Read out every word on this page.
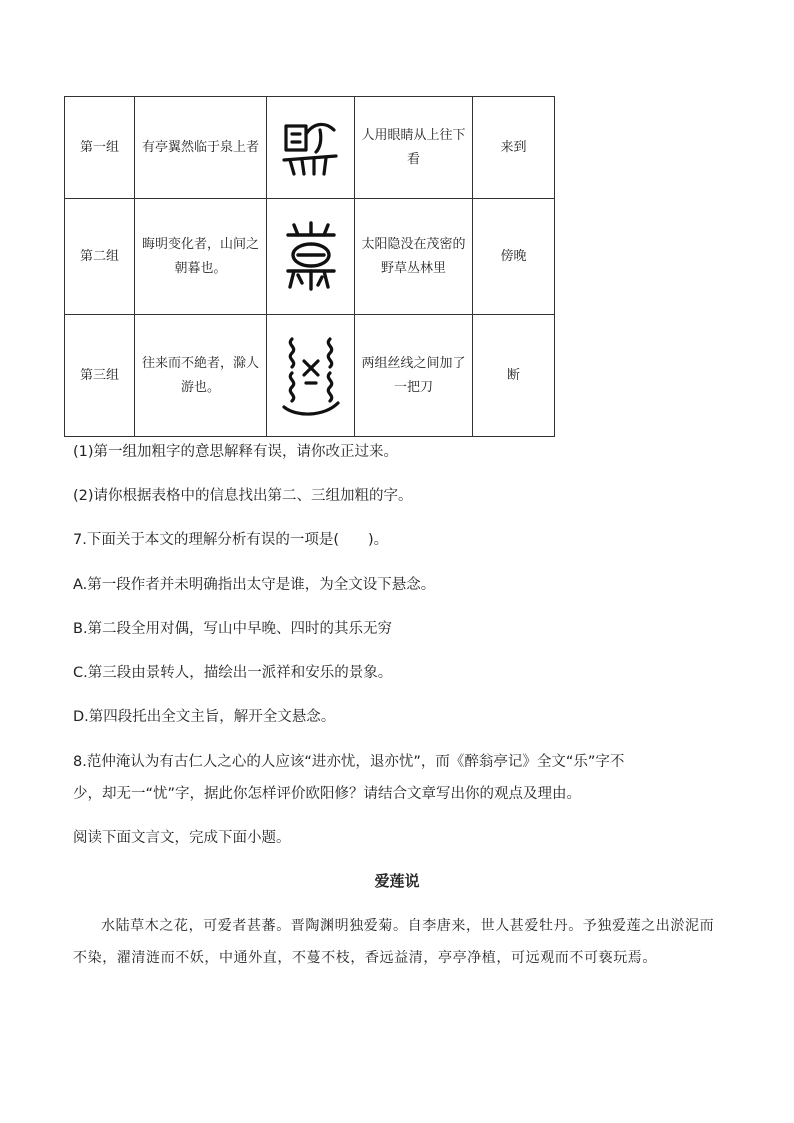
第一组	有亭翼然临于泉上者		人用眼睛从上往下看	来到
第二组	晦明变化者，山间之朝暮也。		太阳隐没在茂密的野草丛林里	傍晚
第三组	往来而不絶者，滁人游也。		两组丝线之间加了一把刀	断

(1)第一组加粗字的意思解释有误，请你改正过来。

(2)请你根据表格中的信息找出第二、三组加粗的字。

7.下面关于本文的理解分析有误的一项是(　　)。

A.第一段作者并未明确指出太守是谁，为全文设下悬念。

B.第二段全用对偶，写山中早晚、四时的其乐无穷

C.第三段由景转人，描绘出一派祥和安乐的景象。

D.第四段托出全文主旨，解开全文悬念。

8.范仲淹认为有古仁人之心的人应该“进亦忧，退亦忧”，而《醉翁亭记》全文“乐”字不

少，却无一“忧”字，据此你怎样评价欧阳修？请结合文章写出你的观点及理由。

阅读下面文言文，完成下面小题。

爱莲说

水陆草木之花，可爱者甚蕃。晋陶渊明独爱菊。自李唐来，世人甚爱牡丹。予独爱莲之出淤泥而不染，濯清涟而不妖，中通外直，不蔓不枝，香远益清，亭亭净植，可远观而不可亵玩焉。
